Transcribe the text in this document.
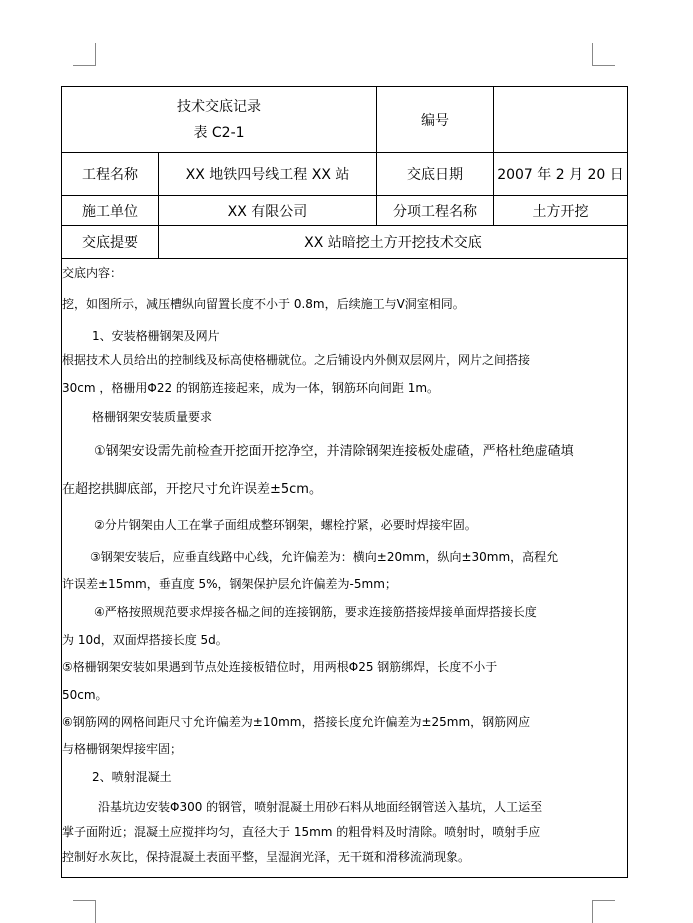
技术交底记录
表 C2-1
编号
工程名称	XX 地铁四号线工程 XX 站	交底日期	2007 年 2 月 20 日
施工单位	XX 有限公司	分项工程名称	土方开挖
交底提要	XX 站暗挖土方开挖技术交底
交底内容：
挖，如图所示，减压槽纵向留置长度不小于 0.8m，后续施工与Ⅴ洞室相同。
1、安装格栅钢架及网片
根据技术人员给出的控制线及标高使格栅就位。之后铺设内外侧双层网片，网片之间搭接
30cm ，格栅用Φ22 的钢筋连接起来，成为一体，钢筋环向间距 1m。
格栅钢架安装质量要求
①钢架安设需先前检查开挖面开挖净空，并清除钢架连接板处虚碴，严格杜绝虚碴填
在超挖拱脚底部，开挖尺寸允许误差±5cm。
②分片钢架由人工在掌子面组成整环钢架，螺栓拧紧，必要时焊接牢固。
③钢架安装后，应垂直线路中心线，允许偏差为：横向±20mm，纵向±30mm，高程允
许误差±15mm，垂直度 5%，钢架保护层允许偏差为-5mm；
④严格按照规范要求焊接各榀之间的连接钢筋，要求连接筋搭接焊接单面焊搭接长度
为 10d，双面焊搭接长度 5d。
⑤格栅钢架安装如果遇到节点处连接板错位时，用两根Φ25 钢筋绑焊，长度不小于
50cm。
⑥钢筋网的网格间距尺寸允许偏差为±10mm，搭接长度允许偏差为±25mm，钢筋网应
与格栅钢架焊接牢固；
2、喷射混凝土
沿基坑边安装Φ300 的钢管，喷射混凝土用砂石料从地面经钢管送入基坑，人工运至
掌子面附近；混凝土应搅拌均匀，直径大于 15mm 的粗骨料及时清除。喷射时，喷射手应
控制好水灰比，保持混凝土表面平整，呈湿润光泽，无干斑和滑移流淌现象。
